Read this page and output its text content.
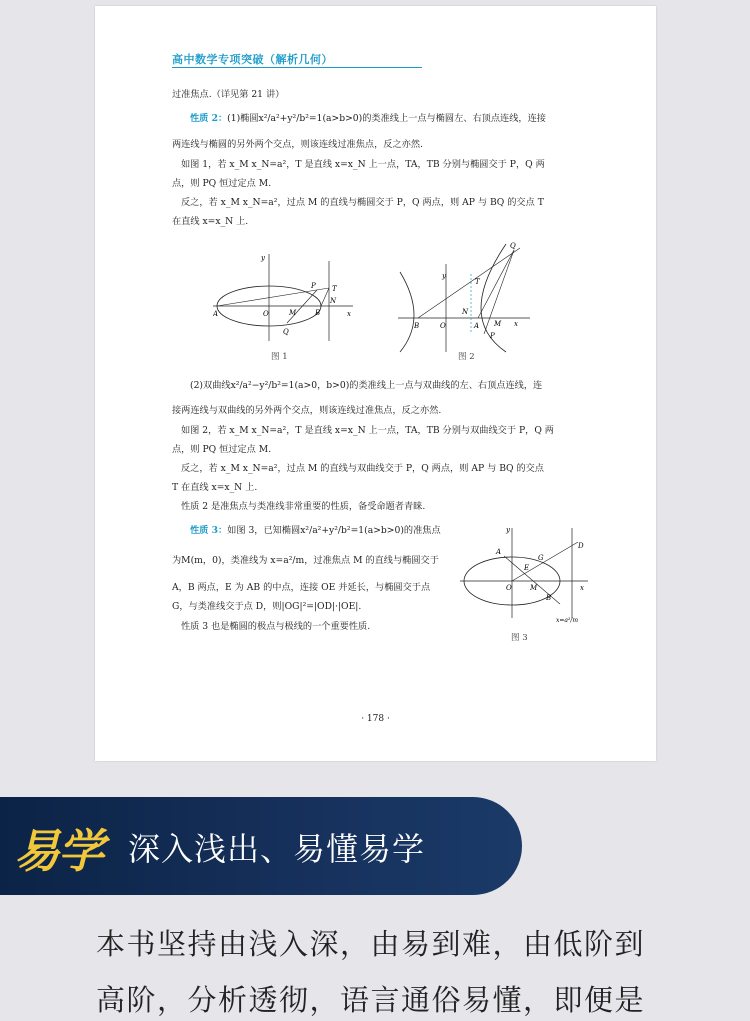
高中数学专项突破（解析几何）
过准焦点.（详见第 21 讲）
性质 2：(1)椭圆x²/a²+y²/b²=1(a>b>0)的类准线上一点与椭圆左、右顶点连线，连接
两连线与椭圆的另外两个交点，则该连线过准焦点，反之亦然.
如图 1，若 x_M x_N=a²，T 是直线 x=x_N 上一点，TA，TB 分别与椭圆交于 P，Q 两
点，则 PQ 恒过定点 M.
反之，若 x_M x_N=a²，过点 M 的直线与椭圆交于 P，Q 两点，则 AP 与 BQ 的交点 T
在直线 x=x_N 上.
A	O	M	B
N
T
P
Q
y
x
图 1
B	O
N
A M x
T
Q
P
y
图 2
(2)双曲线x²/a²−y²/b²=1(a>0，b>0)的类准线上一点与双曲线的左、右顶点连线，连
接两连线与双曲线的另外两个交点，则该连线过准焦点，反之亦然.
如图 2，若 x_M x_N=a²，T 是直线 x=x_N 上一点，TA，TB 分别与双曲线交于 P，Q 两
点，则 PQ 恒过定点 M.
反之，若 x_M x_N=a²，过点 M 的直线与双曲线交于 P，Q 两点，则 AP 与 BQ 的交点
T 在直线 x=x_N 上.
性质 2 是准焦点与类准线非常重要的性质，备受命题者青睐.
性质 3：如图 3，已知椭圆x²/a²+y²/b²=1(a>b>0)的准焦点
为M(m，0)，类准线为 x=a²/m，过准焦点 M 的直线与椭圆交于
A，B 两点，E 为 AB 的中点，连接 OE 并延长，与椭圆交于点
G，与类准线交于点 D，则|OG|²=|OD|·|OE|.
性质 3 也是椭圆的极点与极线的一个重要性质.
A
O	M
B
E
G
D
x
y
x=a²/m
图 3
· 178 ·
易学 深入浅出、易懂易学
本书坚持由浅入深，由易到难，由低阶到
高阶，分析透彻，语言通俗易懂，即便是
